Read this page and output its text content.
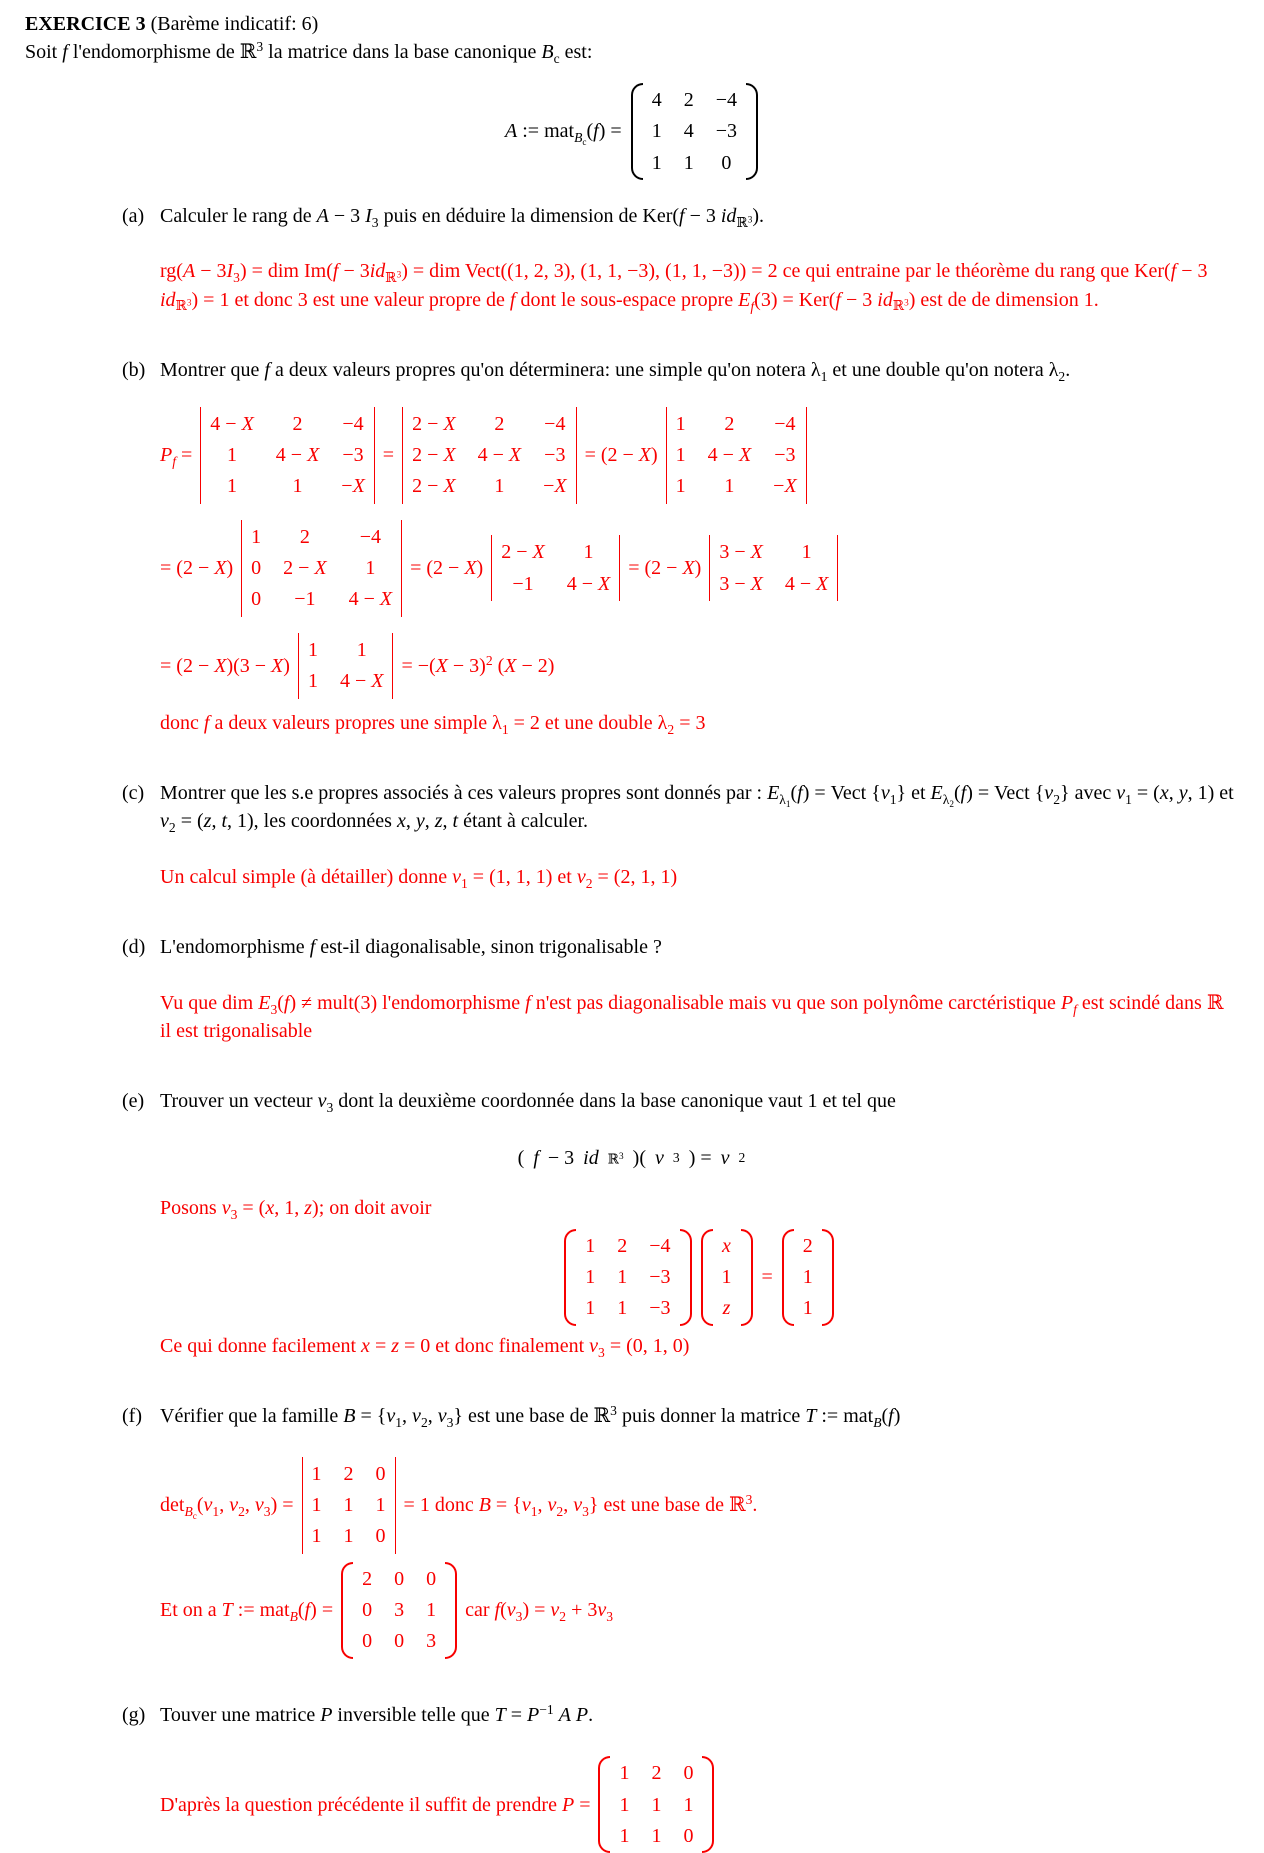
EXERCICE 3 (Barème indicatif: 6)
Soit f l'endomorphisme de ℝ$^3$ la matrice dans la base canonique $B_c$ est:
A := mat$_{B_c}$(f) =
4 2 −4
1 4 −3
1 1 0
(a) Calculer le rang de A − 3 $I_3$ puis en déduire la dimension de Ker(f − 3 $id_{ℝ^3}$).
$rg(A - 3I_3)$ = dim $Im(f - 3id_{ℝ^3})$ = dim Vect((1, 2, 3), (1, 1, −3), (1, 1, −3)) = 2 ce qui entraine par le théorème du rang que Ker(f − 3 $id_{ℝ^3}) = 1$ et donc 3 est une valeur propre de f dont le sous-espace propre $E_f(3) = Ker(f - 3$ $id_{ℝ^3}$) est de de dimension 1.
(b) Montrer que f a deux valeurs propres qu'on déterminera: une simple qu'on notera $\lambda_1$ et une double qu'on notera $\lambda_2$.
$P_f$ =
4 − X 2 −4
1 4 − X −3
1	1 −X
=
2 − X 2 −4
2 − X 4 − X −3
2 − X 1 −X
= (2 − X)
1 2 −4
1 4 − X −3
1 1 −X
= (2 − X)
1 2 −4
0 2 − X 1
0 −1 4 − X
= (2 − X)
2 − X 1
−1 4 − X
= (2 − X)
3 − X 1
3 − X 4 − X
= (2 − X)(3 − X)
1 1
1 4 − X
= $-(X - 3)^2$ (X − 2)
donc f a deux valeurs propres une simple $\lambda_1 = 2$ et une double $\lambda_2 = 3$
(c) Montrer que les s.e propres associés à ces valeurs propres sont donnés par : $E_{\lambda_1}(f)$ = Vect $\{v_1\}$ et $E_{\lambda_2}(f)$ = Vect $\{v_2\}$ avec $v_1 = (x$, y, 1) et $v_2 = (z$, t, 1), les coordonnées x, y, z, t étant à calculer.
Un calcul simple (à détailler) donne $v_1 = (1$, 1, 1) et $v_2 = (2$, 1, 1)
(d) L'endomorphisme f est-il diagonalisable, sinon trigonalisable ?
Vu que dim $E_3(f)$ ≠ mult(3) l'endomorphisme f n'est pas diagonalisable mais vu que son polynôme carctéristique $P_f$ est scindé dans ℝ il est trigonalisable
(e) Trouver un vecteur $v_3$ dont la deuxième coordonnée dans la base canonique vaut 1 et tel que
( f − 3 id ℝ$^3$ )( v 3 ) = v 2
Posons $v_3 = (x$, 1, z); on doit avoir
1 2 −4
1 1 −3
1 1 −3
x
1
z
=
2
1
1
Ce qui donne facilement x = z = 0 et donc finalement $v_3 = (0$, 1, 0)
(f) Vérifier que la famille $B = \{v_1$, $v_2$, $v_3$} est une base de ℝ$^3$ puis donner la matrice T := mat$_B$(f)
$\det_{B_c}(v_1$, $v_2$, $v_3$) =
1 2 0
1 1 1
1 1 0
= 1 donc $B = \{v_1$, $v_2$, $v_3$} est une base de ℝ$^3$.
Et on a T := mat$_B$(f) =
2 0 0
0 3 1
0 0 3
car $f(v_3) = v_2 + 3v_3$
(g) Touver une matrice P inversible telle que $T = P^{-1}$ A P.
D'après la question précédente il suffit de prendre P =
1 2 0
1 1 1
1 1 0
